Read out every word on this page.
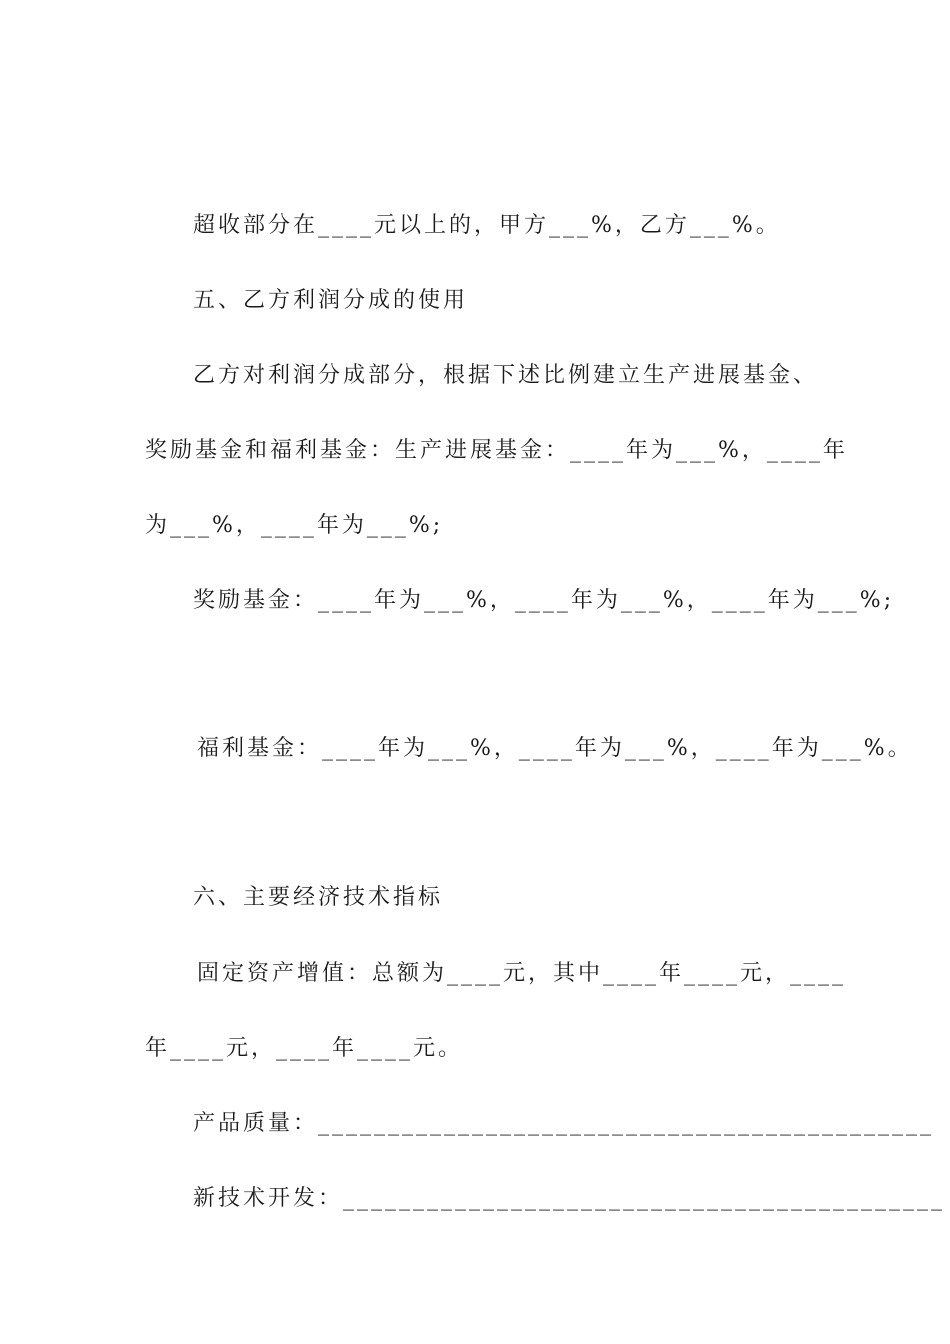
超收部分在____元以上的，甲方___%，乙方___%。
五、乙方利润分成的使用
乙方对利润分成部分，根据下述比例建立生产进展基金、
奖励基金和福利基金：生产进展基金：____年为___%，____年
为___%，____年为___%;
奖励基金：____年为___%，____年为___%，____年为___%;
福利基金：____年为___%，____年为___%，____年为___%。
六、主要经济技术指标
固定资产增值：总额为____元，其中____年____元，____
年____元，____年____元。
产品质量：____________________________________________
新技术开发：___________________________________________
